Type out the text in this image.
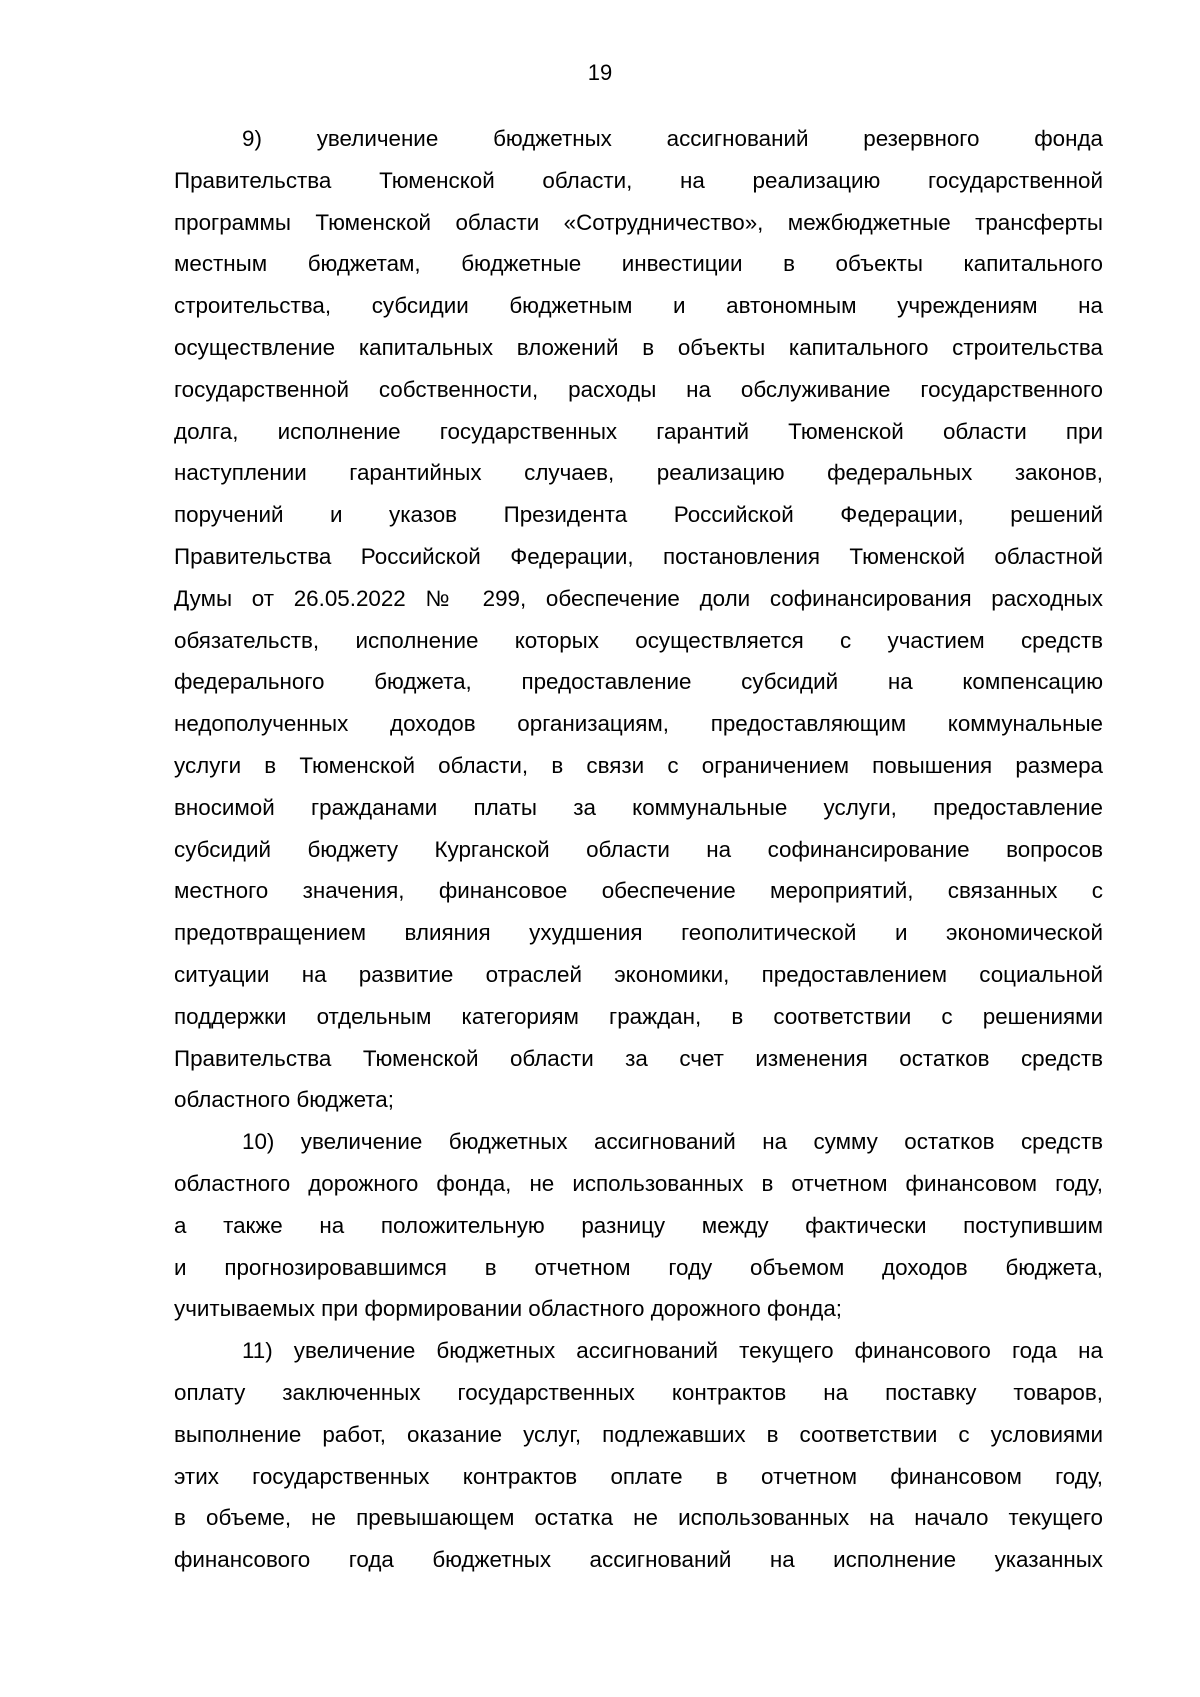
19
9) увеличение бюджетных ассигнований резервного фонда
Правительства Тюменской области, на реализацию государственной
программы Тюменской области «Сотрудничество», межбюджетные трансферты
местным бюджетам, бюджетные инвестиции в объекты капитального
строительства, субсидии бюджетным и автономным учреждениям на
осуществление капитальных вложений в объекты капитального строительства
государственной собственности, расходы на обслуживание государственного
долга, исполнение государственных гарантий Тюменской области при
наступлении гарантийных случаев, реализацию федеральных законов,
поручений и указов Президента Российской Федерации, решений
Правительства Российской Федерации, постановления Тюменской областной
Думы от 26.05.2022 № 299, обеспечение доли софинансирования расходных
обязательств, исполнение которых осуществляется с участием средств
федерального бюджета, предоставление субсидий на компенсацию
недополученных доходов организациям, предоставляющим коммунальные
услуги в Тюменской области, в связи с ограничением повышения размера
вносимой гражданами платы за коммунальные услуги, предоставление
субсидий бюджету Курганской области на софинансирование вопросов
местного значения, финансовое обеспечение мероприятий, связанных с
предотвращением влияния ухудшения геополитической и экономической
ситуации на развитие отраслей экономики, предоставлением социальной
поддержки отдельным категориям граждан, в соответствии с решениями
Правительства Тюменской области за счет изменения остатков средств
областного бюджета;
10) увеличение бюджетных ассигнований на сумму остатков средств
областного дорожного фонда, не использованных в отчетном финансовом году,
а также на положительную разницу между фактически поступившим
и прогнозировавшимся в отчетном году объемом доходов бюджета,
учитываемых при формировании областного дорожного фонда;
11) увеличение бюджетных ассигнований текущего финансового года на
оплату заключенных государственных контрактов на поставку товаров,
выполнение работ, оказание услуг, подлежавших в соответствии с условиями
этих государственных контрактов оплате в отчетном финансовом году,
в объеме, не превышающем остатка не использованных на начало текущего
финансового года бюджетных ассигнований на исполнение указанных
